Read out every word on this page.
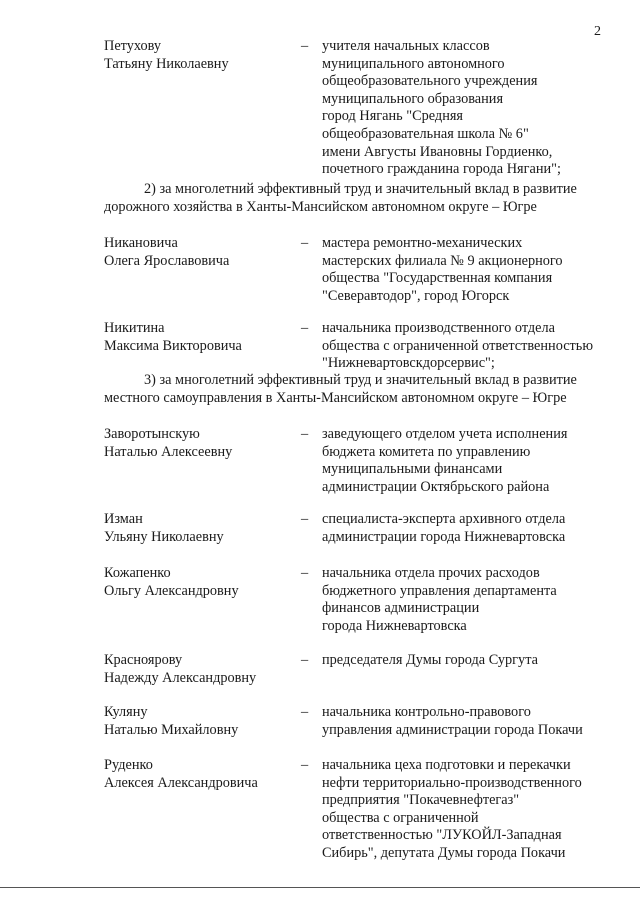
2
Петухову
Татьяну Николаевну
– учителя начальных классов
муниципального автономного
общеобразовательного учреждения
муниципального образования
город Нягань "Средняя
общеобразовательная школа № 6"
имени Августы Ивановны Гордиенко,
почетного гражданина города Нягани";
2) за многолетний эффективный труд и значительный вклад в развитие
дорожного хозяйства в Ханты-Мансийском автономном округе – Югре
Никановича
Олега Ярославовича
– мастера ремонтно-механических
мастерских филиала № 9 акционерного
общества "Государственная компания
"Северавтодор", город Югорск
Никитина
Максима Викторовича
– начальника производственного отдела
общества с ограниченной ответственностью
"Нижневартовскдорсервис";
3) за многолетний эффективный труд и значительный вклад в развитие
местного самоуправления в Ханты-Мансийском автономном округе – Югре
Заворотынскую
Наталью Алексеевну
– заведующего отделом учета исполнения
бюджета комитета по управлению
муниципальными финансами
администрации Октябрьского района
Изман
Ульяну Николаевну
– специалиста-эксперта архивного отдела
администрации города Нижневартовска
Кожапенко
Ольгу Александровну
– начальника отдела прочих расходов
бюджетного управления департамента
финансов администрации
города Нижневартовска
Красноярову
Надежду Александровну
– председателя Думы города Сургута
Куляну
Наталью Михайловну
– начальника контрольно-правового
управления администрации города Покачи
Руденко
Алексея Александровича
– начальника цеха подготовки и перекачки
нефти территориально-производственного
предприятия "Покачевнефтегаз"
общества с ограниченной
ответственностью "ЛУКОЙЛ-Западная
Сибирь", депутата Думы города Покачи
